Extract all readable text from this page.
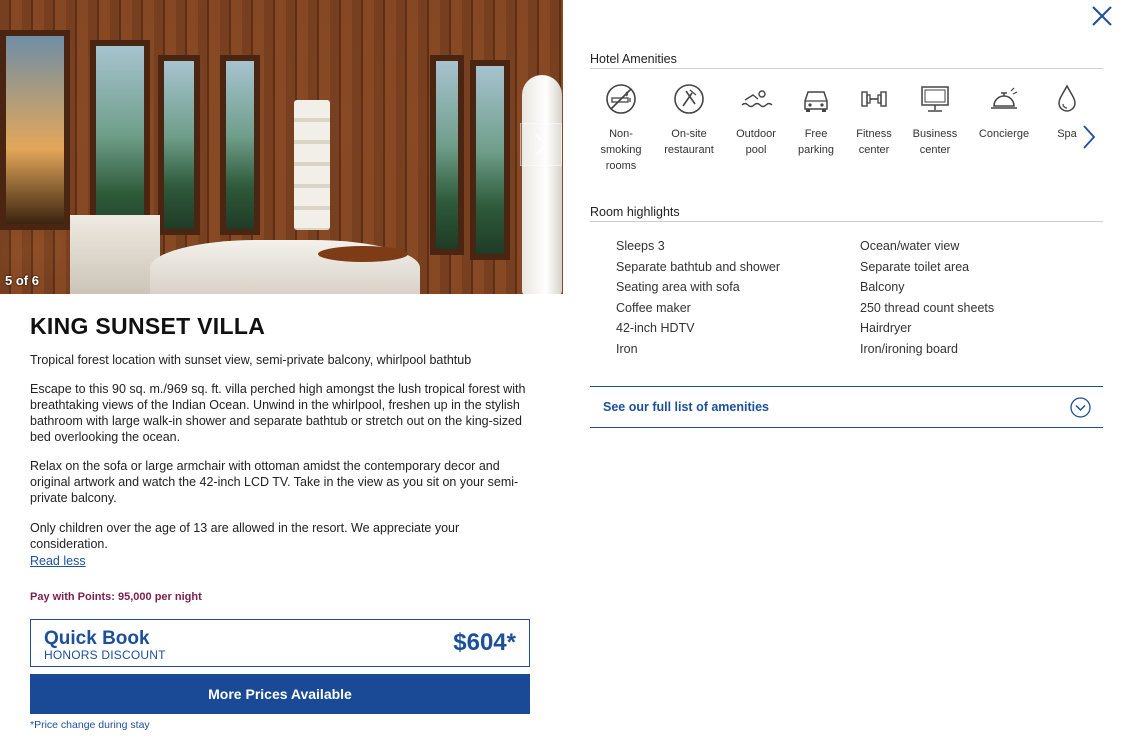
5 of 6
KING SUNSET VILLA

Tropical forest location with sunset view, semi-private balcony, whirlpool bathtub

Escape to this 90 sq. m./969 sq. ft. villa perched high amongst the lush tropical forest with breathtaking views of the Indian Ocean. Unwind in the whirlpool, freshen up in the stylish bathroom with large walk-in shower and separate bathtub or stretch out on the king-sized bed overlooking the ocean.

Relax on the sofa or large armchair with ottoman amidst the contemporary decor and original artwork and watch the 42-inch LCD TV. Take in the view as you sit on your semi-private balcony.

Only children over the age of 13 are allowed in the resort. We appreciate your consideration.

Read less
Pay with Points: 95,000 per night
Quick Book
HONORS DISCOUNT	$604*
More Prices Available
*Price change during stay
Hotel Amenities
Non-
smoking
rooms
On-site
restaurant
Outdoor
pool
Free
parking
Fitness
center
Business
center
Concierge	Spa
Room highlights
Sleeps 3
Separate bathtub and shower
Seating area with sofa
Coffee maker
42-inch HDTV
Iron
Ocean/water view
Separate toilet area
Balcony
250 thread count sheets
Hairdryer
Iron/ironing board
See our full list of amenities
